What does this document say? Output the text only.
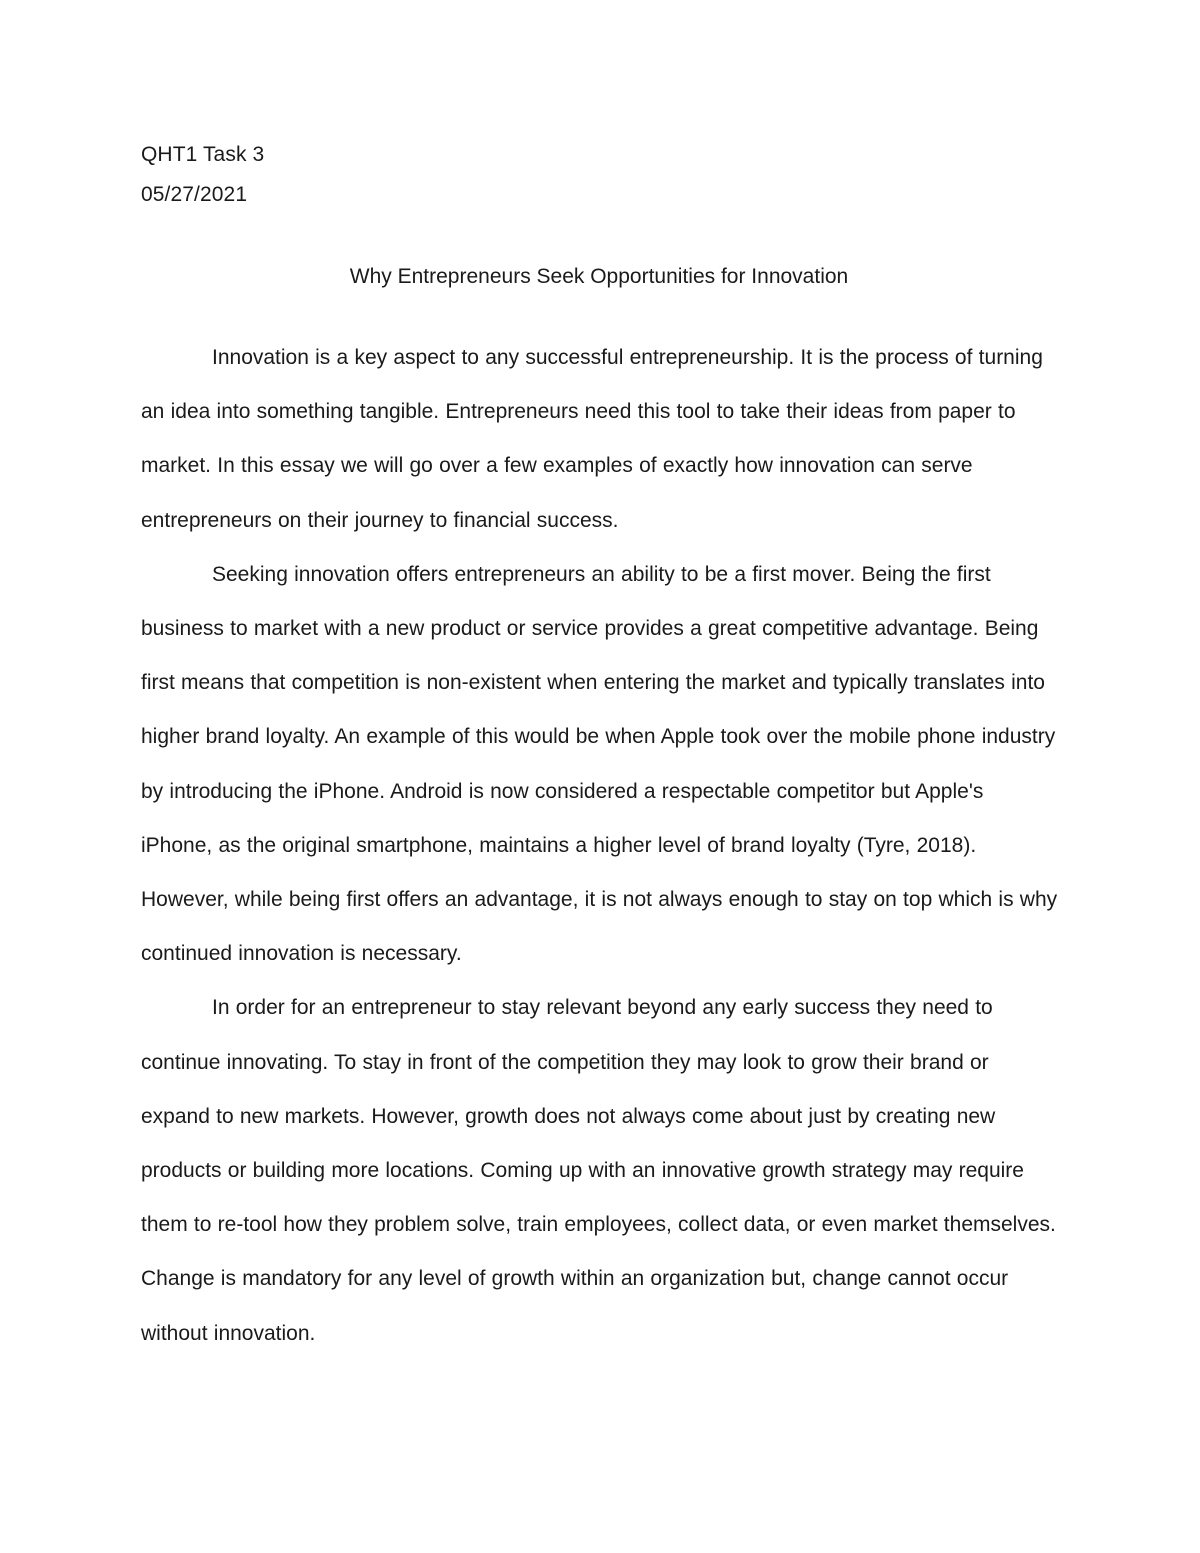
QHT1 Task 3
05/27/2021
Why Entrepreneurs Seek Opportunities for Innovation

Innovation is a key aspect to any successful entrepreneurship. It is the process of turning an idea into something tangible. Entrepreneurs need this tool to take their ideas from paper to market. In this essay we will go over a few examples of exactly how innovation can serve entrepreneurs on their journey to financial success.

Seeking innovation offers entrepreneurs an ability to be a first mover. Being the first business to market with a new product or service provides a great competitive advantage. Being first means that competition is non-existent when entering the market and typically translates into higher brand loyalty. An example of this would be when Apple took over the mobile phone industry by introducing the iPhone. Android is now considered a respectable competitor but Apple's iPhone, as the original smartphone, maintains a higher level of brand loyalty (Tyre, 2018). However, while being first offers an advantage, it is not always enough to stay on top which is why continued innovation is necessary.

In order for an entrepreneur to stay relevant beyond any early success they need to continue innovating. To stay in front of the competition they may look to grow their brand or expand to new markets. However, growth does not always come about just by creating new products or building more locations. Coming up with an innovative growth strategy may require them to re-tool how they problem solve, train employees, collect data, or even market themselves. Change is mandatory for any level of growth within an organization but, change cannot occur without innovation.
